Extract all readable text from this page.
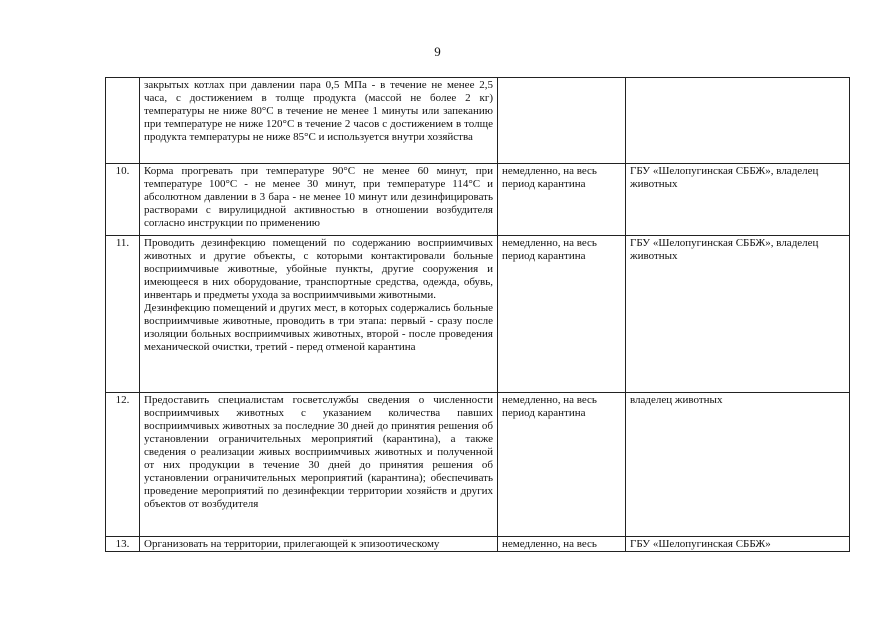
9

	закрытых котлах при давлении пара 0,5 МПа - в течение не менее 2,5 часа, с достижением в толще продукта (массой не более 2 кг) температуры не ниже 80°С в течение не менее 1 минуты или запеканию при температуре не ниже 120°С в течение 2 часов с достижением в толще продукта температуры не ниже 85°С и используется внутри хозяйства		

10.	Корма прогревать при температуре 90°С не менее 60 минут, при температуре 100°С - не менее 30 минут, при температуре 114°С и абсолютном давлении в 3 бара - не менее 10 минут или дезинфицировать растворами с вирулицидной активностью в отношении возбудителя согласно инструкции по применению	немедленно, на весь период карантина	ГБУ «Шелопугинская СББЖ», владелец животных
11.	Проводить дезинфекцию помещений по содержанию восприимчивых животных и другие объекты, с которыми контактировали больные восприимчивые животные, убойные пункты, другие сооружения и имеющееся в них оборудование, транспортные средства, одежда, обувь, инвентарь и предметы ухода за восприимчивыми животными.
Дезинфекцию помещений и других мест, в которых содержались больные восприимчивые животные, проводить в три этапа: первый - сразу после изоляции больных восприимчивых животных, второй - после проведения механической очистки, третий - перед отменой карантина	немедленно, на весь период карантина	ГБУ «Шелопугинская СББЖ», владелец животных
12.	Предоставить специалистам госветслужбы сведения о численности восприимчивых животных с указанием количества павших восприимчивых животных за последние 30 дней до принятия решения об установлении ограничительных мероприятий (карантина), а также сведения о реализации живых восприимчивых животных и полученной от них продукции в течение 30 дней до принятия решения об установлении ограничительных мероприятий (карантина); обеспечивать проведение мероприятий по дезинфекции территории хозяйств и других объектов от возбудителя	немедленно, на весь период карантина	владелец животных
13.	Организовать на территории, прилегающей к эпизоотическому	немедленно, на весь	ГБУ «Шелопугинская СББЖ»
